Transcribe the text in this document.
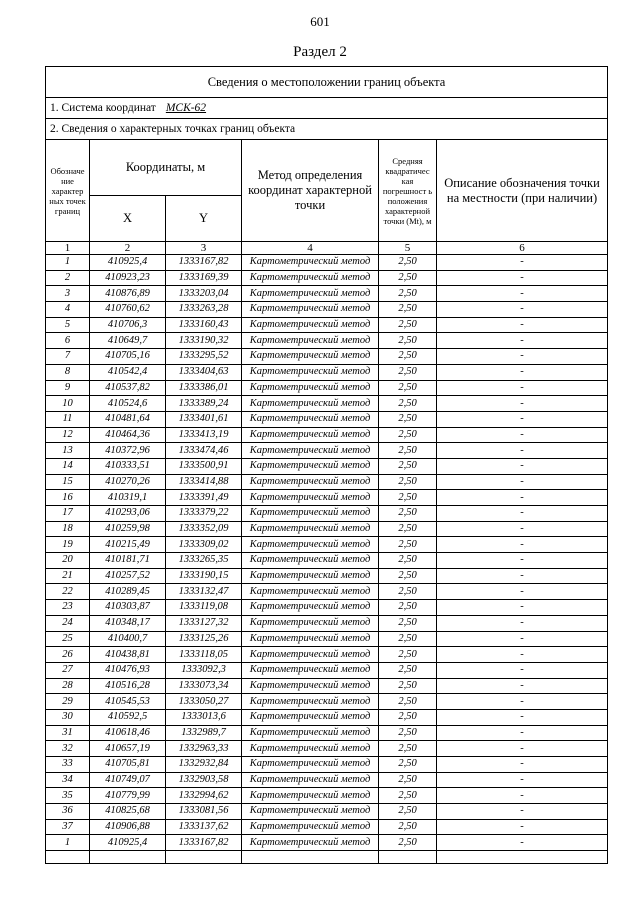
601
Раздел 2
Сведения о местоположении границ объекта					
1. Система координат МСК-62					
2. Сведения о характерных точках границ объекта					
Обозначе ние характер ных точек границ	Координаты, м		Метод определения координат характерной точки	Средняя квадратичес кая погрешност ь положения характерной точки (Mt), м	Описание обозначения точки на местности (при наличии)
	X	Y			
1	2	3	4	5	6
1	410925,4	1333167,82	Картометрический метод	2,50	-
2	410923,23	1333169,39	Картометрический метод	2,50	-
3	410876,89	1333203,04	Картометрический метод	2,50	-
4	410760,62	1333263,28	Картометрический метод	2,50	-
5	410706,3	1333160,43	Картометрический метод	2,50	-
6	410649,7	1333190,32	Картометрический метод	2,50	-
7	410705,16	1333295,52	Картометрический метод	2,50	-
8	410542,4	1333404,63	Картометрический метод	2,50	-
9	410537,82	1333386,01	Картометрический метод	2,50	-
10	410524,6	1333389,24	Картометрический метод	2,50	-
11	410481,64	1333401,61	Картометрический метод	2,50	-
12	410464,36	1333413,19	Картометрический метод	2,50	-
13	410372,96	1333474,46	Картометрический метод	2,50	-
14	410333,51	1333500,91	Картометрический метод	2,50	-
15	410270,26	1333414,88	Картометрический метод	2,50	-
16	410319,1	1333391,49	Картометрический метод	2,50	-
17	410293,06	1333379,22	Картометрический метод	2,50	-
18	410259,98	1333352,09	Картометрический метод	2,50	-
19	410215,49	1333309,02	Картометрический метод	2,50	-
20	410181,71	1333265,35	Картометрический метод	2,50	-
21	410257,52	1333190,15	Картометрический метод	2,50	-
22	410289,45	1333132,47	Картометрический метод	2,50	-
23	410303,87	1333119,08	Картометрический метод	2,50	-
24	410348,17	1333127,32	Картометрический метод	2,50	-
25	410400,7	1333125,26	Картометрический метод	2,50	-
26	410438,81	1333118,05	Картометрический метод	2,50	-
27	410476,93	1333092,3	Картометрический метод	2,50	-
28	410516,28	1333073,34	Картометрический метод	2,50	-
29	410545,53	1333050,27	Картометрический метод	2,50	-
30	410592,5	1333013,6	Картометрический метод	2,50	-
31	410618,46	1332989,7	Картометрический метод	2,50	-
32	410657,19	1332963,33	Картометрический метод	2,50	-
33	410705,81	1332932,84	Картометрический метод	2,50	-
34	410749,07	1332903,58	Картометрический метод	2,50	-
35	410779,99	1332994,62	Картометрический метод	2,50	-
36	410825,68	1333081,56	Картометрический метод	2,50	-
37	410906,88	1333137,62	Картометрический метод	2,50	-
1	410925,4	1333167,82	Картометрический метод	2,50	-
